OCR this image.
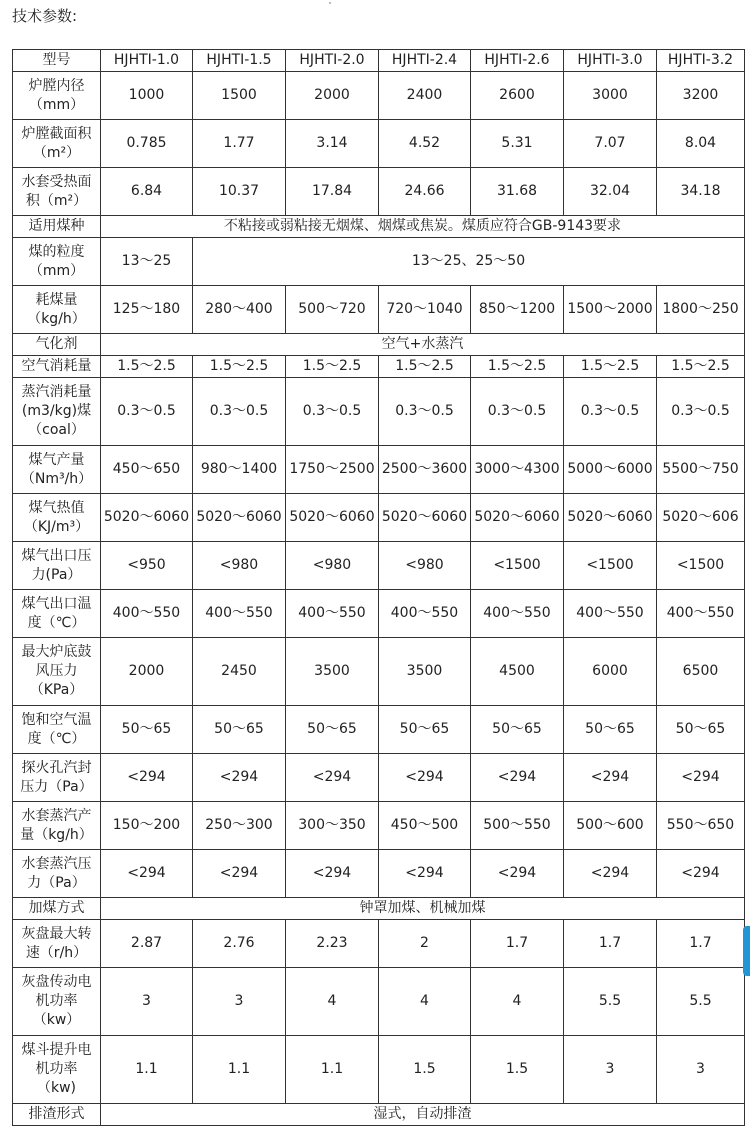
技术参数:
型号	HJHTI-1.0	HJHTI-1.5	HJHTI-2.0	HJHTI-2.4	HJHTI-2.6	HJHTI-3.0	HJHTI-3.2

炉膛内径
（mm）	1000	1500	2000	2400	2600	3000	3200

炉膛截面积
（m²）	0.785	1.77	3.14	4.52	5.31	7.07	8.04

水套受热面
积（m²）	6.84	10.37	17.84	24.66	31.68	32.04	34.18

适用煤种	不粘接或弱粘接无烟煤、烟煤或焦炭。煤质应符合GB-9143要求						

煤的粒度
（mm）	13～25	13～25、25～50					

耗煤量
（kg/h）	125～180	280～400	500～720	720～1040	850～1200	1500～2000	1800～250

气化剂	空气+水蒸汽						

空气消耗量	1.5～2.5	1.5～2.5	1.5～2.5	1.5～2.5	1.5～2.5	1.5～2.5	1.5～2.5

蒸汽消耗量
(m3/kg)煤
（coal）	0.3～0.5	0.3～0.5	0.3～0.5	0.3～0.5	0.3～0.5	0.3～0.5	0.3～0.5

煤气产量
（Nm³/h）	450～650	980～1400	1750～2500	2500～3600	3000～4300	5000～6000	5500～750

煤气热值
（KJ/m³）	5020～6060	5020～6060	5020～6060	5020～6060	5020～6060	5020～6060	5020～606

煤气出口压
力(Pa）	<950	<980	<980	<980	<1500	<1500	<1500

煤气出口温
度（℃）	400～550	400～550	400～550	400～550	400～550	400～550	400～550

最大炉底鼓
风压力
（KPa）	2000	2450	3500	3500	4500	6000	6500

饱和空气温
度（℃）	50～65	50～65	50～65	50～65	50～65	50～65	50～65

探火孔汽封
压力（Pa）	<294	<294	<294	<294	<294	<294	<294

水套蒸汽产
量（kg/h）	150～200	250～300	300～350	450～500	500～550	500～600	550～650

水套蒸汽压
力（Pa）	<294	<294	<294	<294	<294	<294	<294

加煤方式	钟罩加煤、机械加煤						

灰盘最大转
速（r/h）	2.87	2.76	2.23	2	1.7	1.7	1.7

灰盘传动电
机功率
（kw）	3	3	4	4	4	5.5	5.5

煤斗提升电
机功率
（kw)	1.1	1.1	1.1	1.5	1.5	3	3

排渣形式	湿式，自动排渣						
